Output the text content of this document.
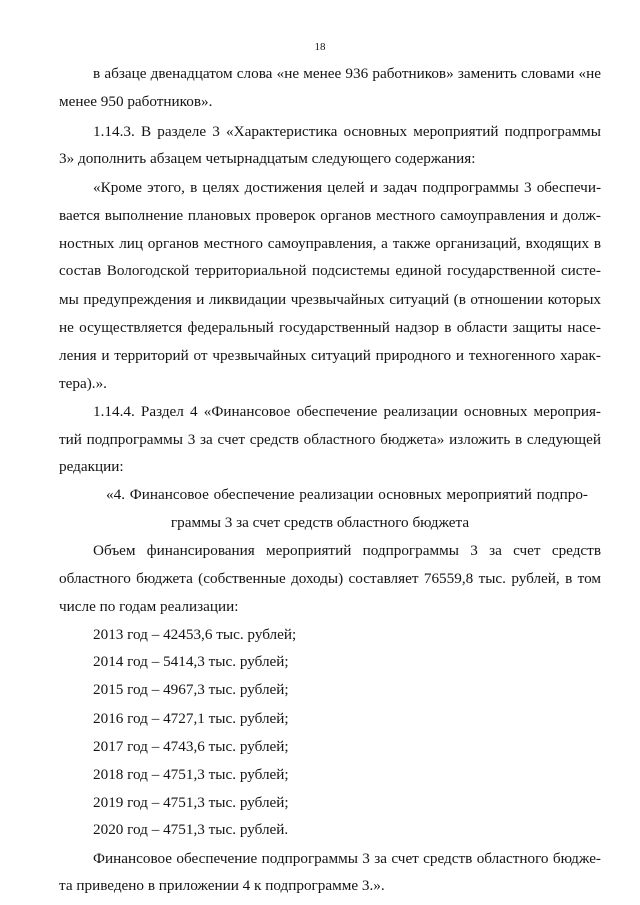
18
в абзаце двенадцатом слова «не менее 936 работников» заменить словами «не
менее 950 работников».
1.14.3. В разделе 3 «Характеристика основных мероприятий подпрограммы
3» дополнить абзацем четырнадцатым следующего содержания:
«Кроме этого, в целях достижения целей и задач подпрограммы 3 обеспечи-
вается выполнение плановых проверок органов местного самоуправления и долж-
ностных лиц органов местного самоуправления, а также организаций, входящих в
состав Вологодской территориальной подсистемы единой государственной систе-
мы предупреждения и ликвидации чрезвычайных ситуаций (в отношении которых
не осуществляется федеральный государственный надзор в области защиты насе-
ления и территорий от чрезвычайных ситуаций природного и техногенного харак-
тера).».
1.14.4. Раздел 4 «Финансовое обеспечение реализации основных мероприя-
тий подпрограммы 3 за счет средств областного бюджета» изложить в следующей
редакции:
«4. Финансовое обеспечение реализации основных мероприятий подпро-
граммы 3 за счет средств областного бюджета
Объем финансирования мероприятий подпрограммы 3 за счет средств
областного бюджета (собственные доходы) составляет 76559,8 тыс. рублей, в том
числе по годам реализации:
2013 год – 42453,6 тыс. рублей;
2014 год – 5414,3 тыс. рублей;
2015 год – 4967,3 тыс. рублей;
2016 год – 4727,1 тыс. рублей;
2017 год – 4743,6 тыс. рублей;
2018 год – 4751,3 тыс. рублей;
2019 год – 4751,3 тыс. рублей;
2020 год – 4751,3 тыс. рублей.
Финансовое обеспечение подпрограммы 3 за счет средств областного бюдже-
та приведено в приложении 4 к подпрограмме 3.».
